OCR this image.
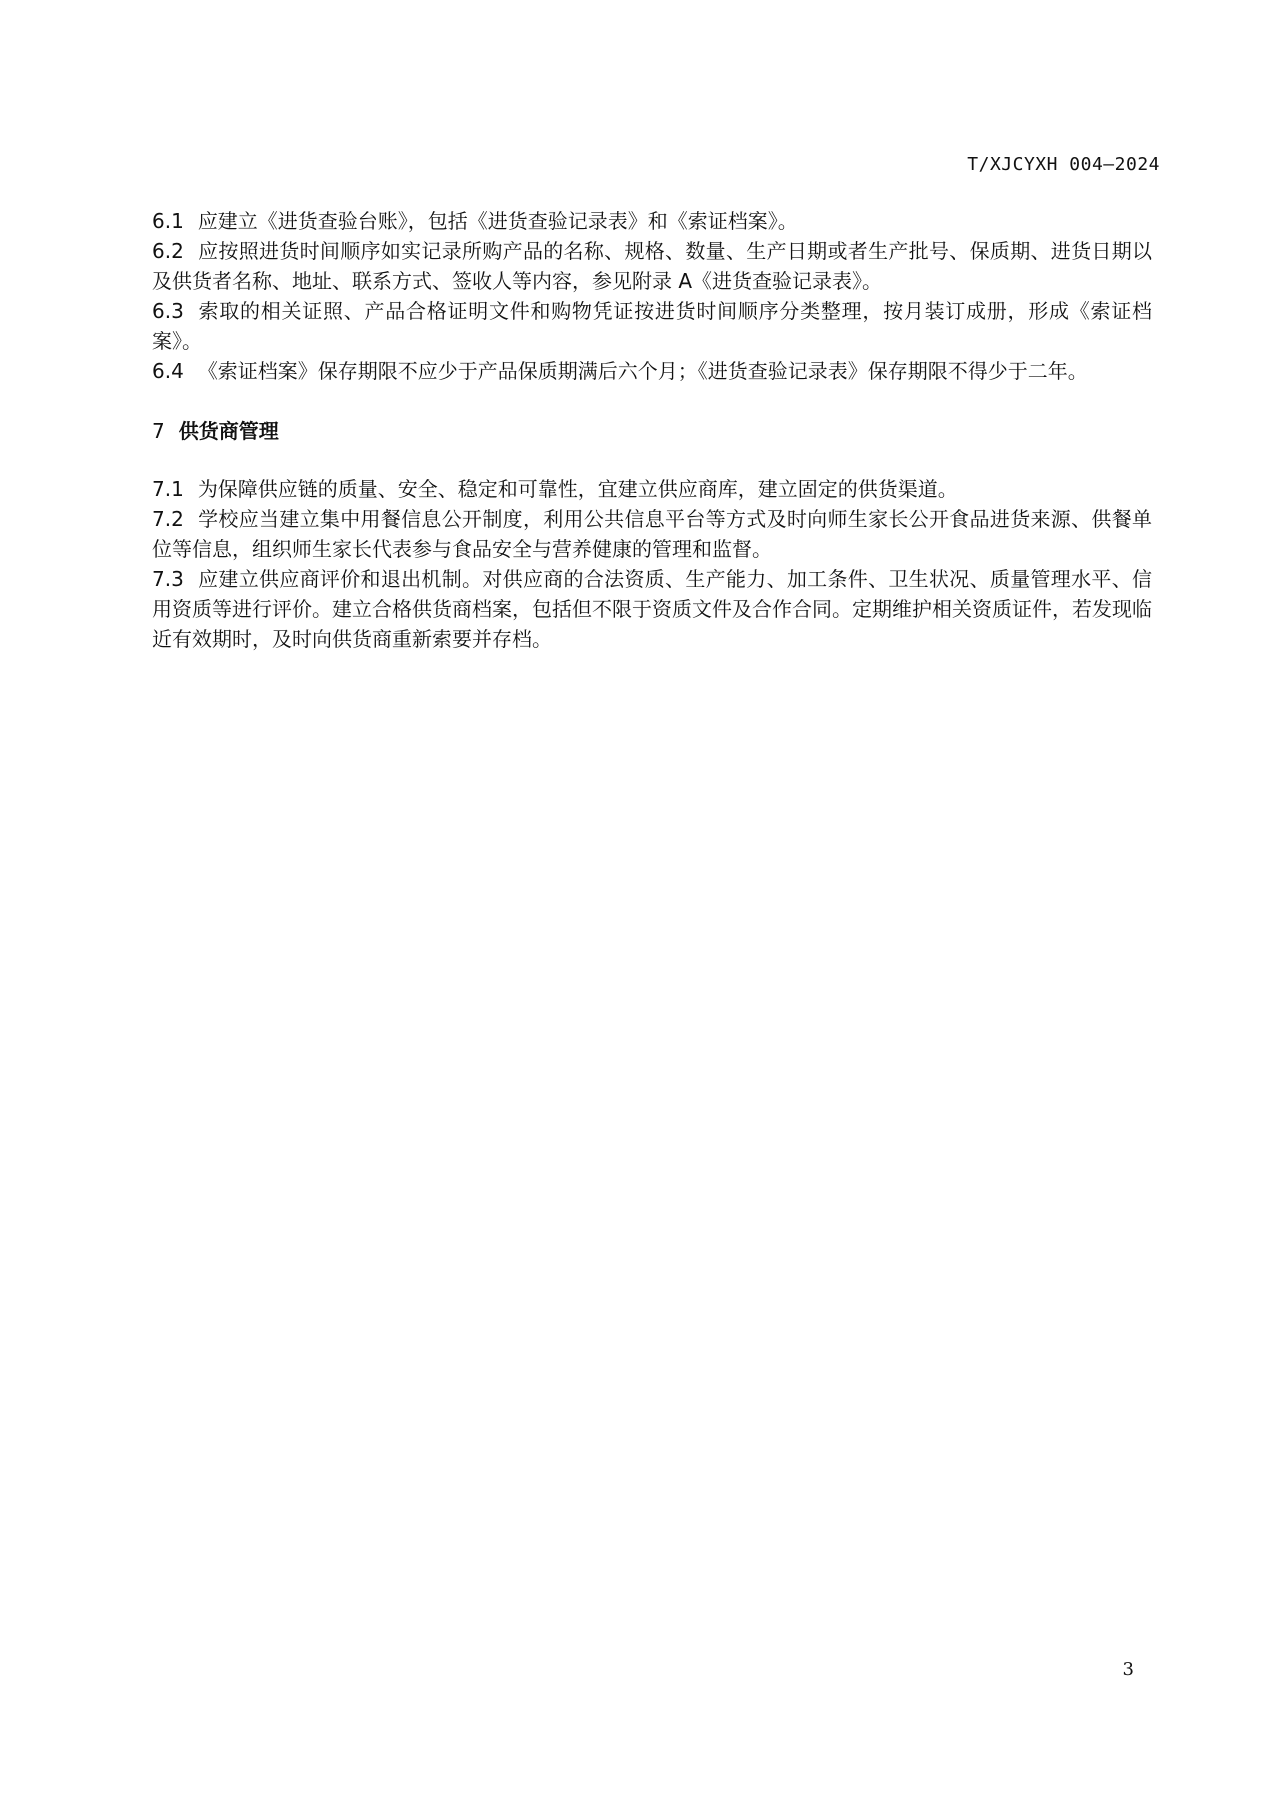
T/XJCYXH 004—2024

6.1 应建立《进货查验台账》，包括《进货查验记录表》和《索证档案》。

6.2 应按照进货时间顺序如实记录所购产品的名称、规格、数量、生产日期或者生产批号、保质期、进货日期以及供货者名称、地址、联系方式、签收人等内容，参见附录 A《进货查验记录表》。

6.3 索取的相关证照、产品合格证明文件和购物凭证按进货时间顺序分类整理，按月装订成册，形成《索证档案》。

6.4 《索证档案》保存期限不应少于产品保质期满后六个月；《进货查验记录表》保存期限不得少于二年。

7 供货商管理

7.1 为保障供应链的质量、安全、稳定和可靠性，宜建立供应商库，建立固定的供货渠道。

7.2 学校应当建立集中用餐信息公开制度，利用公共信息平台等方式及时向师生家长公开食品进货来源、供餐单位等信息，组织师生家长代表参与食品安全与营养健康的管理和监督。

7.3 应建立供应商评价和退出机制。对供应商的合法资质、生产能力、加工条件、卫生状况、质量管理水平、信用资质等进行评价。建立合格供货商档案，包括但不限于资质文件及合作合同。定期维护相关资质证件，若发现临近有效期时，及时向供货商重新索要并存档。

3
